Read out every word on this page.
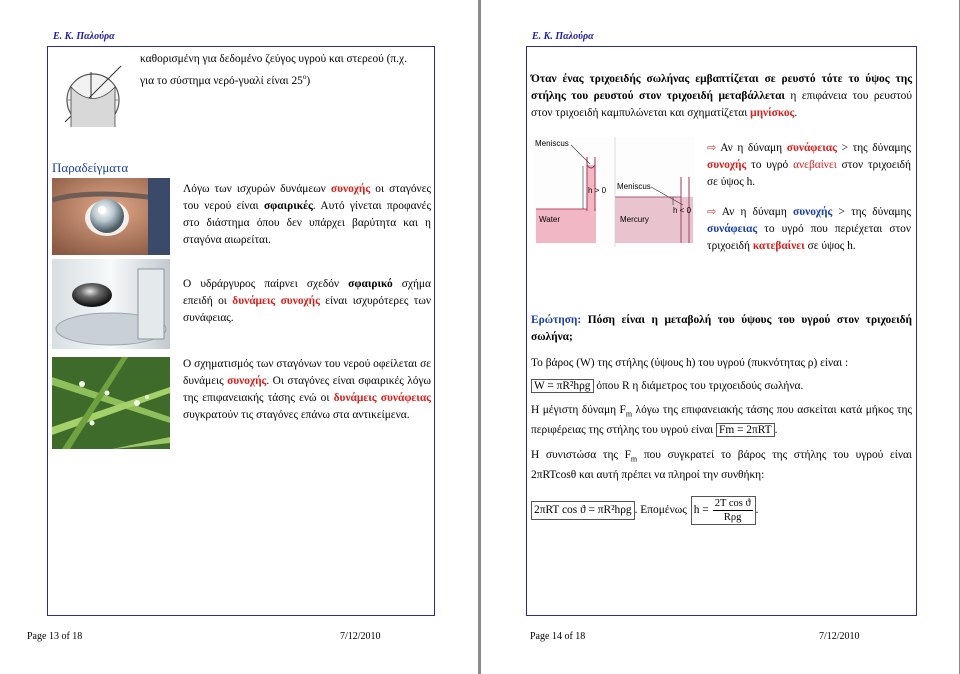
Ε. Κ. Παλούρα
καθορισμένη για δεδομένο ζεύγος υγρού και στερεού (π.χ.
για το σύστημα νερό-γυαλί είναι $25^o$)
Παραδείγματα
Λόγω των ισχυρών δυνάμεων συνοχής οι σταγόνες του νερού είναι σφαιρικές. Αυτό γίνεται προφανές στο διάστημα όπου δεν υπάρχει βαρύτητα και η σταγόνα αιωρείται.
Ο υδράργυρος παίρνει σχεδόν σφαιρικό σχήμα επειδή οι δυνάμεις συνοχής είναι ισχυρότερες των συνάφειας.
Ο σχηματισμός των σταγόνων του νερού οφείλεται σε δυνάμεις συνοχής. Οι σταγόνες είναι σφαιρικές λόγω της επιφανειακής τάσης ενώ οι δυνάμεις συνάφειας συγκρατούν τις σταγόνες επάνω στα αντικείμενα.
Page 13 of 18	7/12/2010
Ε. Κ. Παλούρα
Όταν ένας τριχοειδής σωλήνας εμβαπτίζεται σε ρευστό τότε το ύψος της στήλης του ρευστού στον τριχοειδή μεταβάλλεται η επιφάνεια του ρευστού στον τριχοειδή καμπυλώνεται και σχηματίζεται μηνίσκος.
Meniscus
Meniscus
h > 0
h < 0
Water	Mercury
⇨ Αν η δύναμη συνάφειας > της δύναμης συνοχής το υγρό ανεβαίνει στον τριχοειδή σε ύψος h.
⇨ Αν η δύναμη συνοχής > της δύναμης συνάφειας το υγρό που περιέχεται στον τριχοειδή κατεβαίνει σε ύψος h.
Ερώτηση: Πόση είναι η μεταβολή του ύψους του υγρού στον τριχοειδή σωλήνα;
Το βάρος (W) της στήλης (ύψους h) του υγρού (πυκνότητας ρ) είναι :
W = πR²hρg όπου R η διάμετρος του τριχοειδούς σωλήνα.
Η μέγιστη δύναμη $F_m$ λόγω της επιφανειακής τάσης που ασκείται κατά μήκος της περιφέρειας της στήλης του υγρού είναι Fm = 2πRT .
Η συνιστώσα της $F_m$ που συγκρατεί το βάρος της στήλης του υγρού είναι 2πRTcosθ και αυτή πρέπει να πληροί την συνθήκη:
2πRT cos ϑ = πR²hρg . Επομένως h =
2T cos ϑ
Rρg
.
Page 14 of 18	7/12/2010
